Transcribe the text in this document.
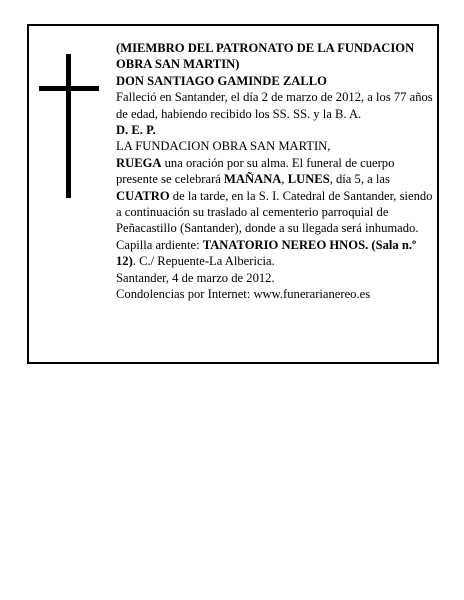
(MIEMBRO DEL PATRONATO DE LA FUNDACION OBRA SAN MARTIN)

DON SANTIAGO GAMINDE ZALLO

Falleció en Santander, el día 2 de marzo de 2012, a los 77 años de edad, habiendo recibido los SS. SS. y la B. A.

D. E. P.

LA FUNDACION OBRA SAN MARTIN,

RUEGA una oración por su alma. El funeral de cuerpo presente se celebrará MAÑANA, LUNES, día 5, a las CUATRO de la tarde, en la S. I. Catedral de Santander, siendo a continuación su traslado al cementerio parroquial de Peñacastillo (Santander), donde a su llegada será inhumado.

Capilla ardiente: TANATORIO NEREO HNOS. (Sala n.º 12). C./ Repuente-La Albericia.

Santander, 4 de marzo de 2012.

Condolencias por Internet: www.funerarianereo.es
